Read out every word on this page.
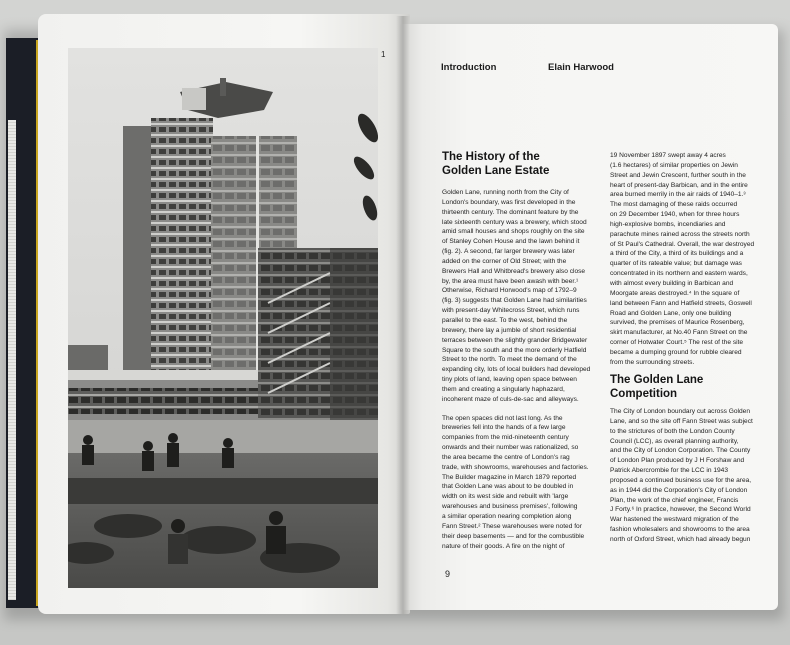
1
Introduction	Elain Harwood
The History of the
Golden Lane Estate

Golden Lane, running north from the City of

London's boundary, was first developed in the

thirteenth century. The dominant feature by the

late sixteenth century was a brewery, which stood

amid small houses and shops roughly on the site

of Stanley Cohen House and the lawn behind it

(fig. 2). A second, far larger brewery was later

added on the corner of Old Street; with the

Brewers Hall and Whitbread's brewery also close

by, the area must have been awash with beer.¹

Otherwise, Richard Horwood's map of 1792–9

(fig. 3) suggests that Golden Lane had similarities

with present-day Whitecross Street, which runs

parallel to the east. To the west, behind the

brewery, there lay a jumble of short residential

terraces between the slightly grander Bridgewater

Square to the south and the more orderly Hatfield

Street to the north. To meet the demand of the

expanding city, lots of local builders had developed

tiny plots of land, leaving open space between

them and creating a singularly haphazard,

incoherent maze of culs-de-sac and alleyways.

The open spaces did not last long. As the

breweries fell into the hands of a few large

companies from the mid-nineteenth century

onwards and their number was rationalized, so

the area became the centre of London's rag

trade, with showrooms, warehouses and factories.

The Builder magazine in March 1879 reported

that Golden Lane was about to be doubled in

width on its west side and rebuilt with 'large

warehouses and business premises', following

a similar operation nearing completion along

Fann Street.² These warehouses were noted for

their deep basements — and for the combustible

nature of their goods. A fire on the night of

19 November 1897 swept away 4 acres

(1.6 hectares) of similar properties on Jewin

Street and Jewin Crescent, further south in the

heart of present-day Barbican, and in the entire

area burned merrily in the air raids of 1940–1.³

The most damaging of these raids occurred

on 29 December 1940, when for three hours

high-explosive bombs, incendiaries and

parachute mines rained across the streets north

of St Paul's Cathedral. Overall, the war destroyed

a third of the City, a third of its buildings and a

quarter of its rateable value; but damage was

concentrated in its northern and eastern wards,

with almost every building in Barbican and

Moorgate areas destroyed.⁴ In the square of

land between Fann and Hatfield streets, Goswell

Road and Golden Lane, only one building

survived, the premises of Maurice Rosenberg,

skirt manufacturer, at No.40 Fann Street on the

corner of Hotwater Court.⁵ The rest of the site

became a dumping ground for rubble cleared

from the surrounding streets.

The Golden Lane
Competition

The City of London boundary cut across Golden

Lane, and so the site off Fann Street was subject

to the strictures of both the London County

Council (LCC), as overall planning authority,

and the City of London Corporation. The County

of London Plan produced by J H Forshaw and

Patrick Abercrombie for the LCC in 1943

proposed a continued business use for the area,

as in 1944 did the Corporation's City of London

Plan, the work of the chief engineer, Francis

J Forty.⁶ In practice, however, the Second World

War hastened the westward migration of the

fashion wholesalers and showrooms to the area

north of Oxford Street, which had already begun

9
